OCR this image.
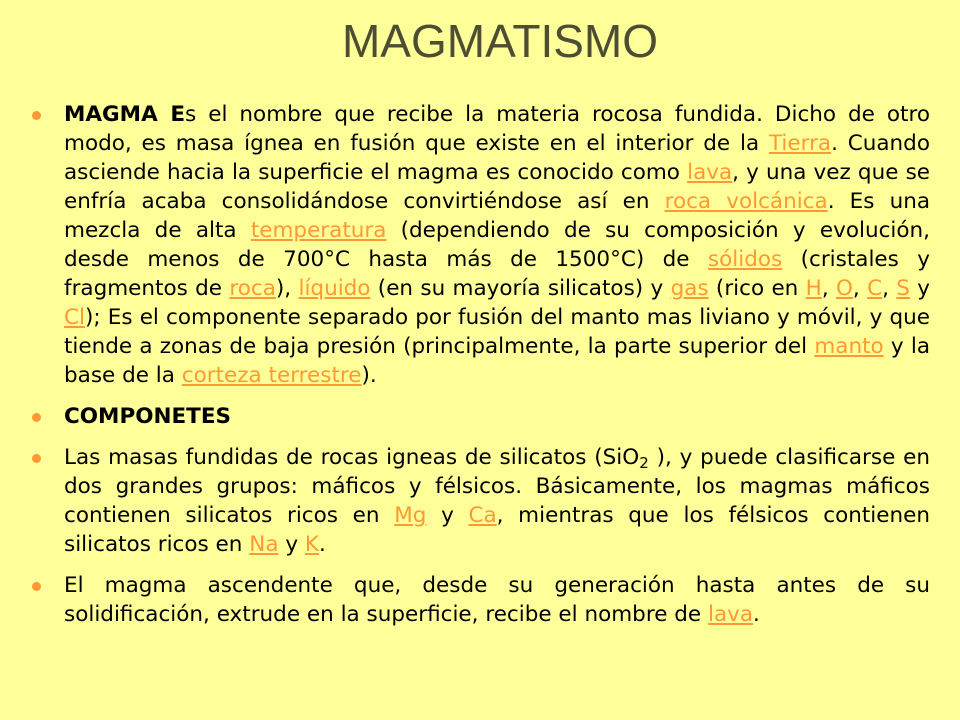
MAGMATISMO
MAGMA Es el nombre que recibe la materia rocosa fundida. Dicho de otro modo, es masa ígnea en fusión que existe en el interior de la Tierra. Cuando asciende hacia la superficie el magma es conocido como lava, y una vez que se enfría acaba consolidándose convirtiéndose así en roca volcánica. Es una mezcla de alta temperatura (dependiendo de su composición y evolución, desde menos de 700°C hasta más de 1500°C) de sólidos (cristales y fragmentos de roca), líquido (en su mayoría silicatos) y gas (rico en H, O, C, S y Cl); Es el componente separado por fusión del manto mas liviano y móvil, y que tiende a zonas de baja presión (principalmente, la parte superior del manto y la base de la corteza terrestre).
COMPONETES
Las masas fundidas de rocas igneas de silicatos (SiO$_2$ ), y puede clasificarse en dos grandes grupos: máficos y félsicos. Básicamente, los magmas máficos contienen silicatos ricos en Mg y Ca, mientras que los félsicos contienen silicatos ricos en Na y K.
El magma ascendente que, desde su generación hasta antes de su solidificación, extrude en la superficie, recibe el nombre de lava.
